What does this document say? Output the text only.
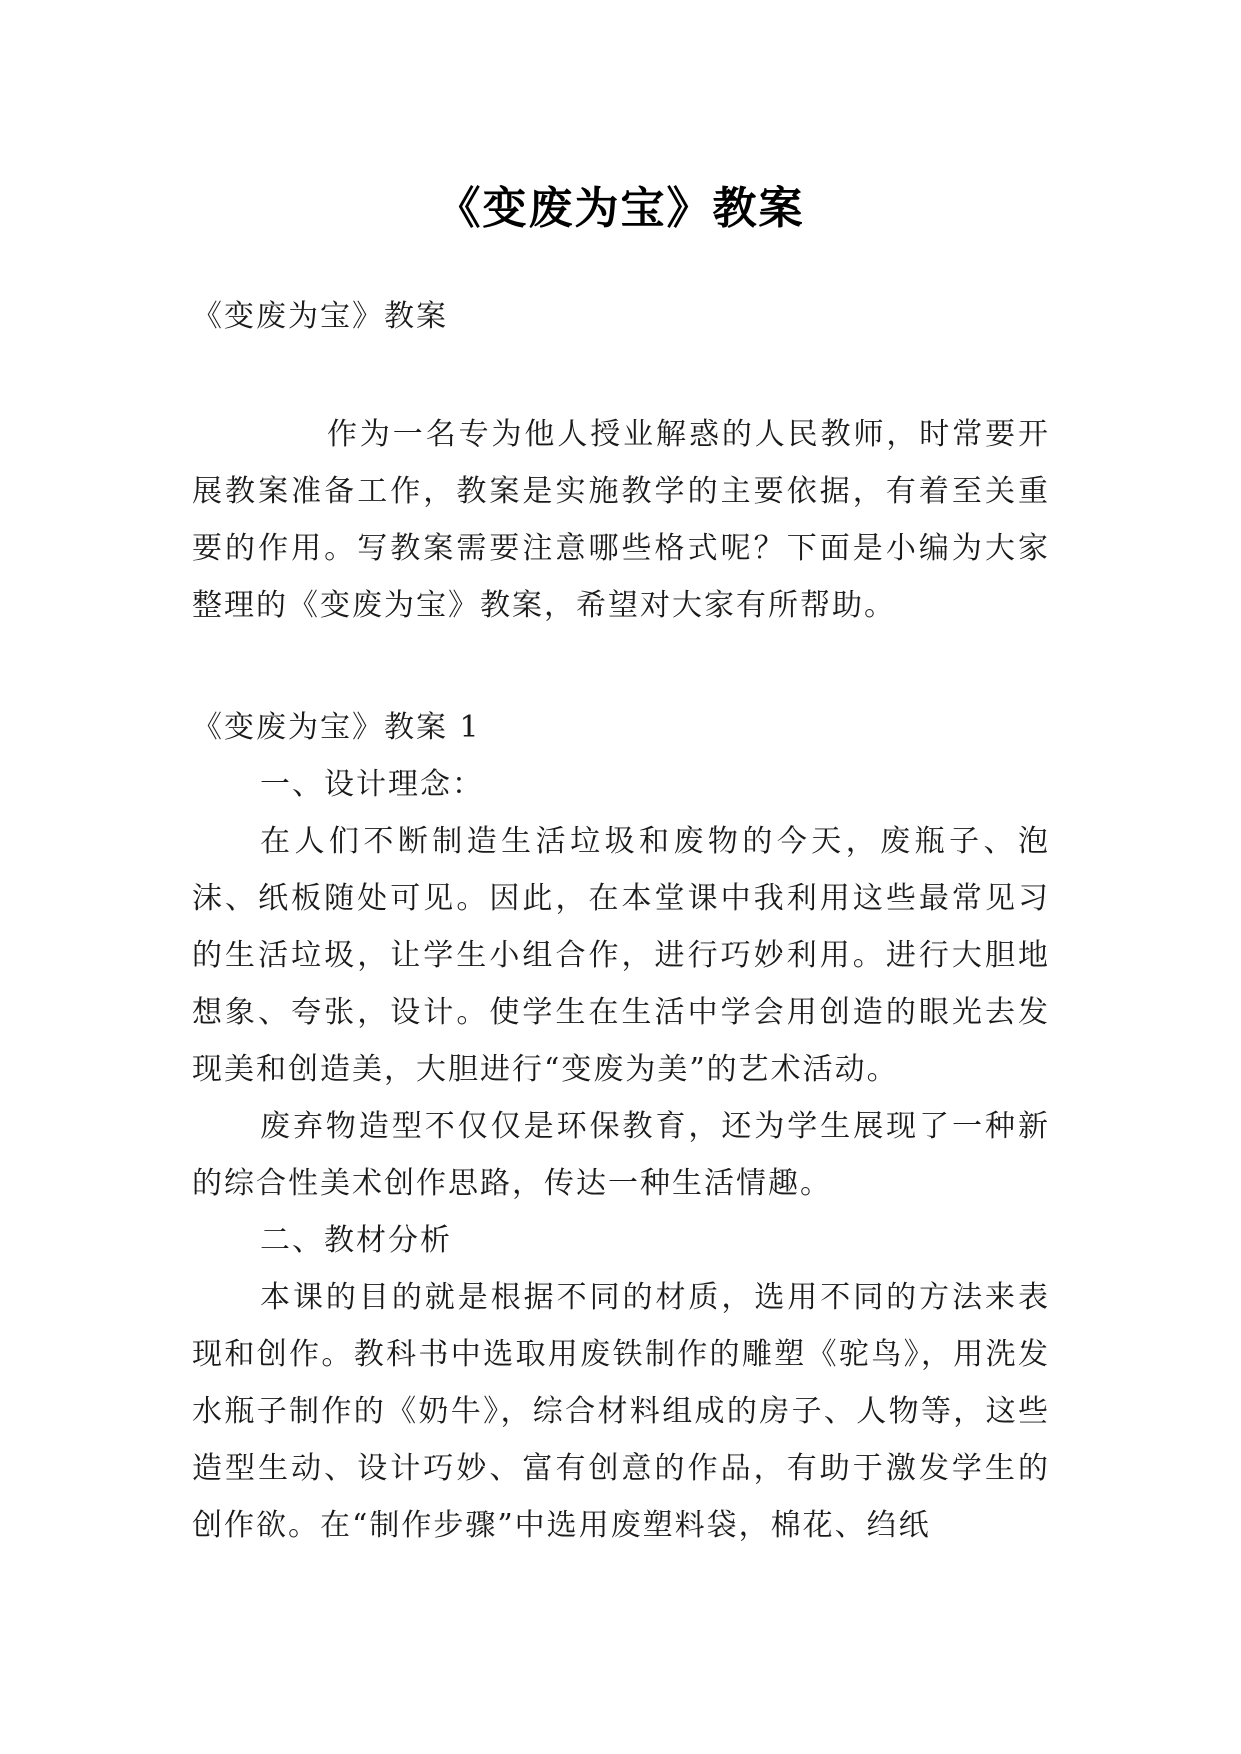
《变废为宝》教案

《变废为宝》教案

作为一名专为他人授业解惑的人民教师，时常要开展教案准备工作，教案是实施教学的主要依据，有着至关重要的作用。写教案需要注意哪些格式呢？下面是小编为大家整理的《变废为宝》教案，希望对大家有所帮助。

《变废为宝》教案 1

一、设计理念：

在人们不断制造生活垃圾和废物的今天，废瓶子、泡沫、纸板随处可见。因此，在本堂课中我利用这些最常见习的生活垃圾，让学生小组合作，进行巧妙利用。进行大胆地想象、夸张，设计。使学生在生活中学会用创造的眼光去发现美和创造美，大胆进行“变废为美”的艺术活动。

废弃物造型不仅仅是环保教育，还为学生展现了一种新的综合性美术创作思路，传达一种生活情趣。

二、教材分析

本课的目的就是根据不同的材质，选用不同的方法来表现和创作。教科书中选取用废铁制作的雕塑《驼鸟》，用洗发水瓶子制作的《奶牛》，综合材料组成的房子、人物等，这些造型生动、设计巧妙、富有创意的作品，有助于激发学生的创作欲。在“制作步骤”中选用废塑料袋，棉花、绉纸
